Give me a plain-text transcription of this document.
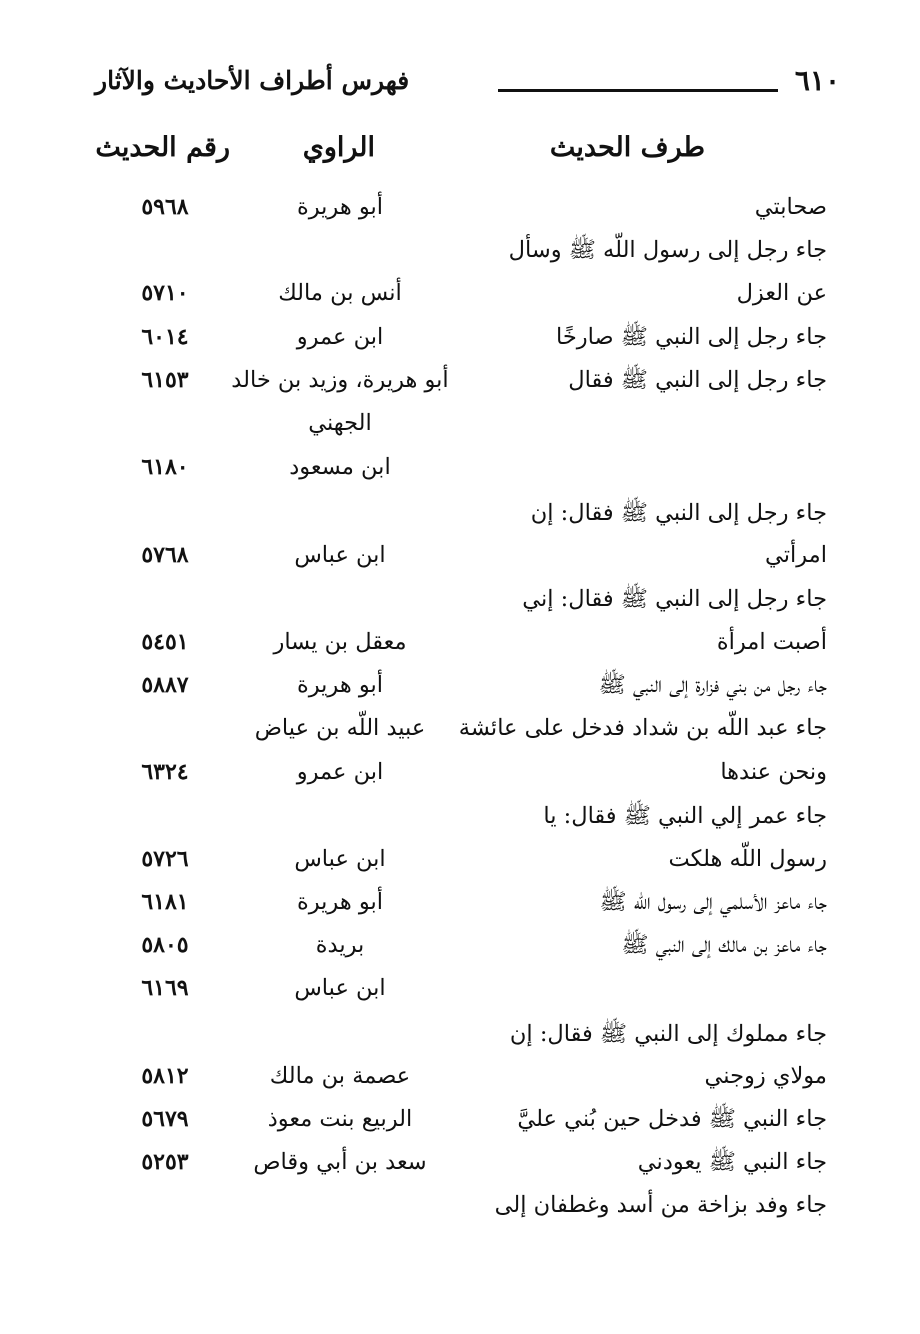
٦١٠
فهرس أطراف الأحاديث والآثار
طرف الحديث
الراوي
رقم الحديث
صحابتي
أبو هريرة
٥٩٦٨
جاء رجل إلى رسول اللّه ﷺ وسأل
عن العزل
أنس بن مالك
٥٧١٠
جاء رجل إلى النبي ﷺ صارخًا
ابن عمرو
٦٠١٤
جاء رجل إلى النبي ﷺ فقال
أبو هريرة، وزيد بن خالد
٦١٥٣
الجهني
ابن مسعود
٦١٨٠
جاء رجل إلى النبي ﷺ فقال: إن
امرأتي
ابن عباس
٥٧٦٨
جاء رجل إلى النبي ﷺ فقال: إني
أصبت امرأة
معقل بن يسار
٥٤٥١
جاء رجل من بني فزارة إلى النبي ﷺ
أبو هريرة
٥٨٨٧
جاء عبد اللّه بن شداد فدخل على عائشة
عبيد اللّه بن عياض
ونحن عندها
ابن عمرو
٦٣٢٤
جاء عمر إلي النبي ﷺ فقال: يا
رسول اللّه هلكت
ابن عباس
٥٧٢٦
جاء ماعز الأسلمي إلى رسول اللّه ﷺ
أبو هريرة
٦١٨١
جاء ماعز بن مالك إلى النبي ﷺ
بريدة
٥٨٠٥
ابن عباس
٦١٦٩
جاء مملوك إلى النبي ﷺ فقال: إن
مولاي زوجني
عصمة بن مالك
٥٨١٢
جاء النبي ﷺ فدخل حين بُني عليَّ
الربيع بنت معوذ
٥٦٧٩
جاء النبي ﷺ يعودني
سعد بن أبي وقاص
٥٢٥٣
جاء وفد بزاخة من أسد وغطفان إلى
